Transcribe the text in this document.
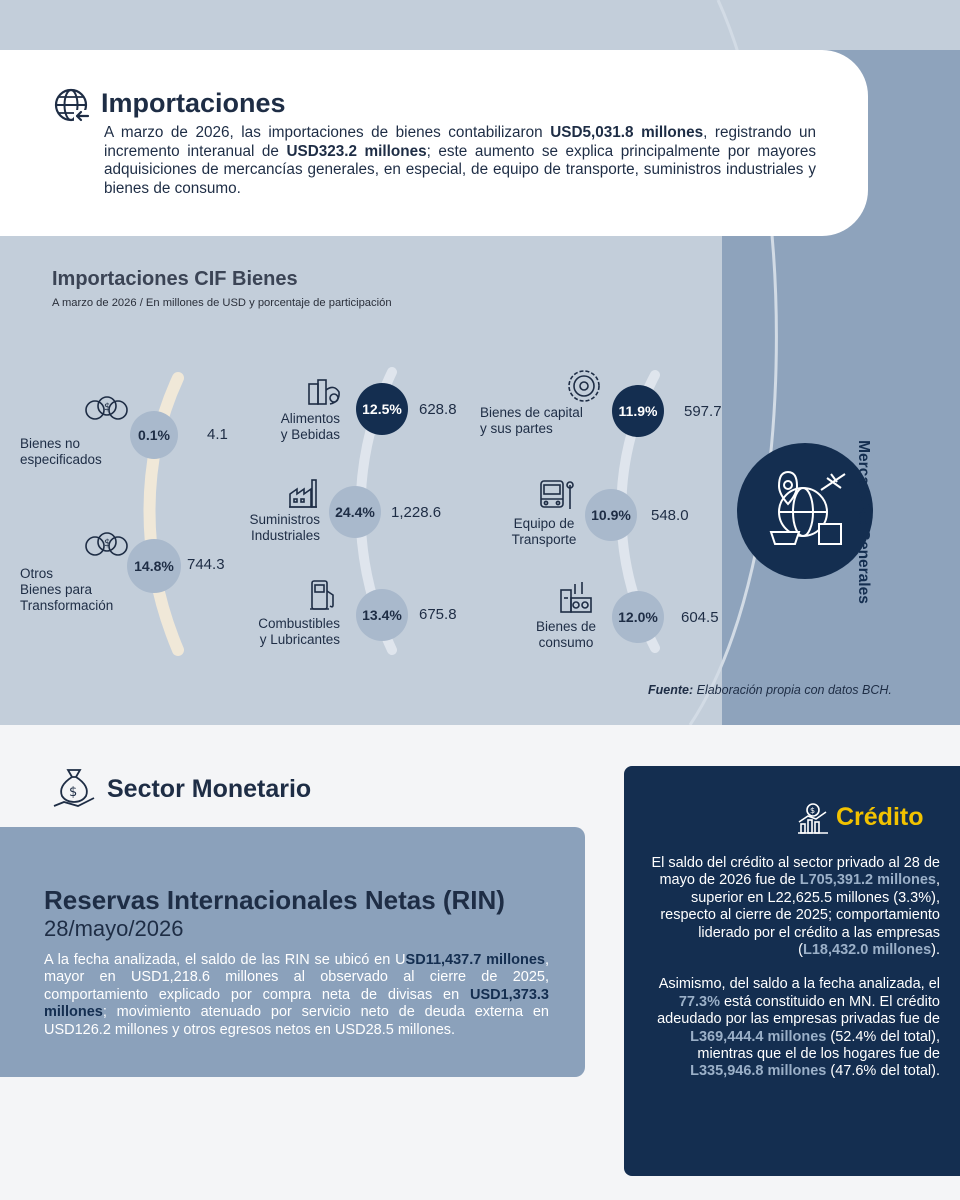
Importaciones
A marzo de 2026, las importaciones de bienes contabilizaron USD5,031.8 millones, registrando un incremento interanual de USD323.2 millones; este aumento se explica principalmente por mayores adquisiciones de mercancías generales, en especial, de equipo de transporte, suministros industriales y bienes de consumo.
Importaciones CIF Bienes
A marzo de 2026 / En millones de USD y porcentaje de participación
$
Bienes no
especificados
0.1%	4.1
$
Otros
Bienes para
Transformación
14.8% 744.3
Alimentos
y Bebidas
12.5%	628.8
Suministros
Industriales
24.4%	1,228.6
Combustibles
y Lubricantes
13.4%	675.8
Bienes de capital
y sus partes
11.9%	597.7
Equipo de
Transporte
10.9%	548.0
Bienes de
consumo
12.0%	604.5
Mercancías Generales
Fuente: Elaboración propia con datos BCH.
$ Sector Monetario
Reservas Internacionales Netas (RIN)
28/mayo/2026
A la fecha analizada, el saldo de las RIN se ubicó en USD11,437.7 millones, mayor en USD1,218.6 millones al observado al cierre de 2025, comportamiento explicado por compra neta de divisas en USD1,373.3 millones; movimiento atenuado por servicio neto de deuda externa en USD126.2 millones y otros egresos netos en USD28.5 millones.
$ Crédito

El saldo del crédito al sector privado al 28 de mayo de 2026 fue de L705,391.2 millones, superior en L22,625.5 millones (3.3%), respecto al cierre de 2025; comportamiento liderado por el crédito a las empresas (L18,432.0 millones).

Asimismo, del saldo a la fecha analizada, el 77.3% está constituido en MN. El crédito adeudado por las empresas privadas fue de L369,444.4 millones (52.4% del total), mientras que el de los hogares fue de L335,946.8 millones (47.6% del total).
